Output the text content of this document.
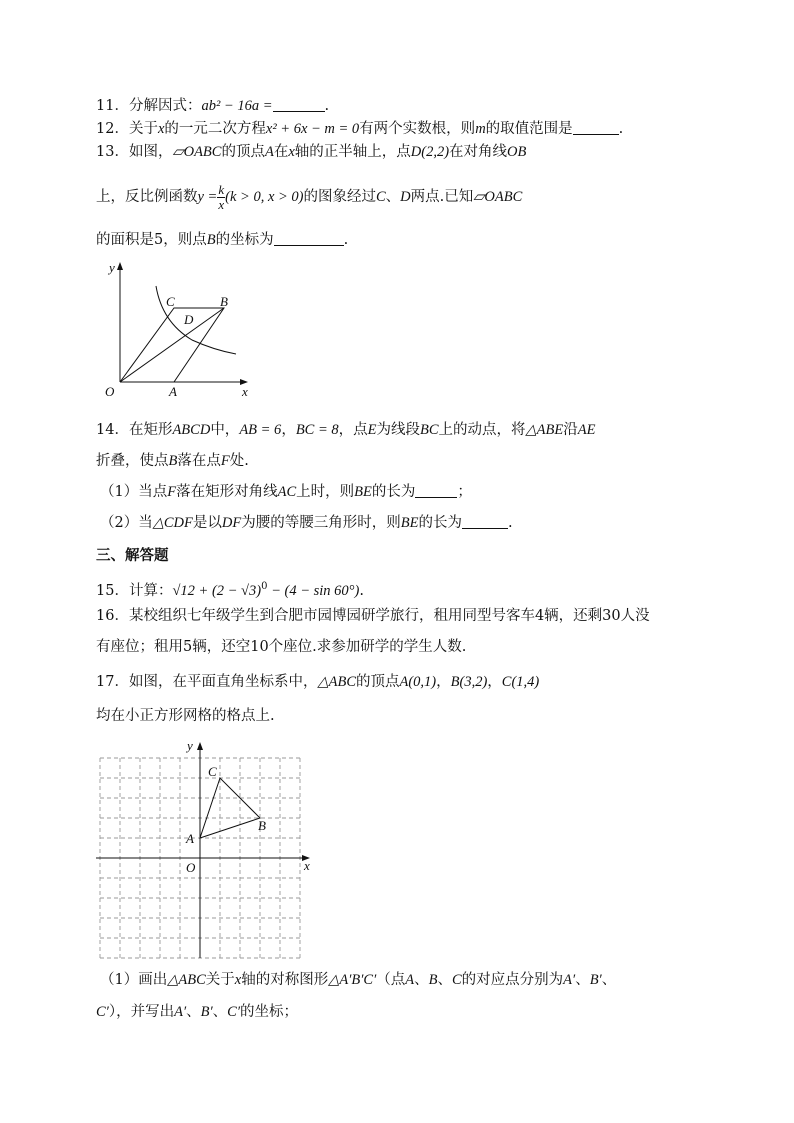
11．分解因式：ab² − 16a =	.
12．关于x的一元二次方程x² + 6x − m = 0有两个实数根，则m的取值范围是	.
13．如图，▱OABC的顶点A在x轴的正半轴上，点D(2,2)在对角线OB
上，反比例函数$y = \frac{k}{x} (k > 0$, x > 0)的图象经过C、D两点.已知▱OABC
的面积是5，则点B的坐标为	.
y
x
O	A
C	B
D
14．在矩形ABCD中，AB = 6，BC = 8，点E为线段BC上的动点，将△ABE沿AE
折叠，使点B落在点F处.
（1）当点F落在矩形对角线AC上时，则BE的长为	；
（2）当△CDF是以DF为腰的等腰三角形时，则BE的长为	.
三、解答题
15．计算：$√12 + (2 - √3)^0 - (4 - \sin 60^\circ)$.
16．某校组织七年级学生到合肥市园博园研学旅行，租用同型号客车4辆，还剩30人没
有座位；租用5辆，还空10个座位.求参加研学的学生人数.
17．如图，在平面直角坐标系中，△ABC的顶点A(0,1)，B(3,2)，C(1,4)
均在小正方形网格的格点上.
y
x
O
A
B
C
（1）画出△ABC关于x轴的对称图形△A′B′C′（点A、B、C的对应点分别为A′、B′、
C′），并写出A′、B′、C′的坐标；
